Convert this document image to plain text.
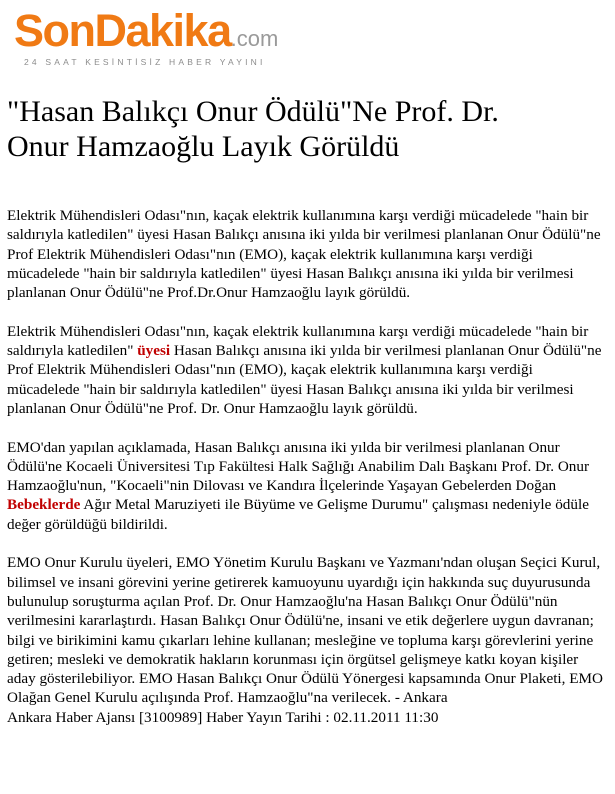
SonDakika.com
24 SAAT KESİNTİSİZ HABER YAYINI
"Hasan Balıkçı Onur Ödülü"Ne Prof. Dr. Onur Hamzaoğlu Layık Görüldü

Elektrik Mühendisleri Odası"nın, kaçak elektrik kullanımına karşı verdiği mücadelede "hain bir saldırıyla katledilen" üyesi Hasan Balıkçı anısına iki yılda bir verilmesi planlanan Onur Ödülü"ne Prof Elektrik Mühendisleri Odası"nın (EMO), kaçak elektrik kullanımına karşı verdiği mücadelede "hain bir saldırıyla katledilen" üyesi Hasan Balıkçı anısına iki yılda bir verilmesi planlanan Onur Ödülü"ne Prof.Dr.Onur Hamzaoğlu layık görüldü.

Elektrik Mühendisleri Odası"nın, kaçak elektrik kullanımına karşı verdiği mücadelede "hain bir saldırıyla katledilen" üyesi Hasan Balıkçı anısına iki yılda bir verilmesi planlanan Onur Ödülü"ne Prof Elektrik Mühendisleri Odası"nın (EMO), kaçak elektrik kullanımına karşı verdiği mücadelede "hain bir saldırıyla katledilen" üyesi Hasan Balıkçı anısına iki yılda bir verilmesi planlanan Onur Ödülü"ne Prof. Dr. Onur Hamzaoğlu layık görüldü.

EMO'dan yapılan açıklamada, Hasan Balıkçı anısına iki yılda bir verilmesi planlanan Onur Ödülü'ne Kocaeli Üniversitesi Tıp Fakültesi Halk Sağlığı Anabilim Dalı Başkanı Prof. Dr. Onur Hamzaoğlu'nun, "Kocaeli"nin Dilovası ve Kandıra İlçelerinde Yaşayan Gebelerden Doğan Bebeklerde Ağır Metal Maruziyeti ile Büyüme ve Gelişme Durumu" çalışması nedeniyle ödüle değer görüldüğü bildirildi.

EMO Onur Kurulu üyeleri, EMO Yönetim Kurulu Başkanı ve Yazmanı'ndan oluşan Seçici Kurul, bilimsel ve insani görevini yerine getirerek kamuoyunu uyardığı için hakkında suç duyurusunda bulunulup soruşturma açılan Prof. Dr. Onur Hamzaoğlu'na Hasan Balıkçı Onur Ödülü"nün verilmesini kararlaştırdı. Hasan Balıkçı Onur Ödülü'ne, insani ve etik değerlere uygun davranan; bilgi ve birikimini kamu çıkarları lehine kullanan; mesleğine ve topluma karşı görevlerini yerine getiren; mesleki ve demokratik hakların korunması için örgütsel gelişmeye katkı koyan kişiler aday gösterilebiliyor. EMO Hasan Balıkçı Onur Ödülü Yönergesi kapsamında Onur Plaketi, EMO Olağan Genel Kurulu açılışında Prof. Hamzaoğlu"na verilecek. - Ankara
Ankara Haber Ajansı [3100989] Haber Yayın Tarihi : 02.11.2011 11:30
